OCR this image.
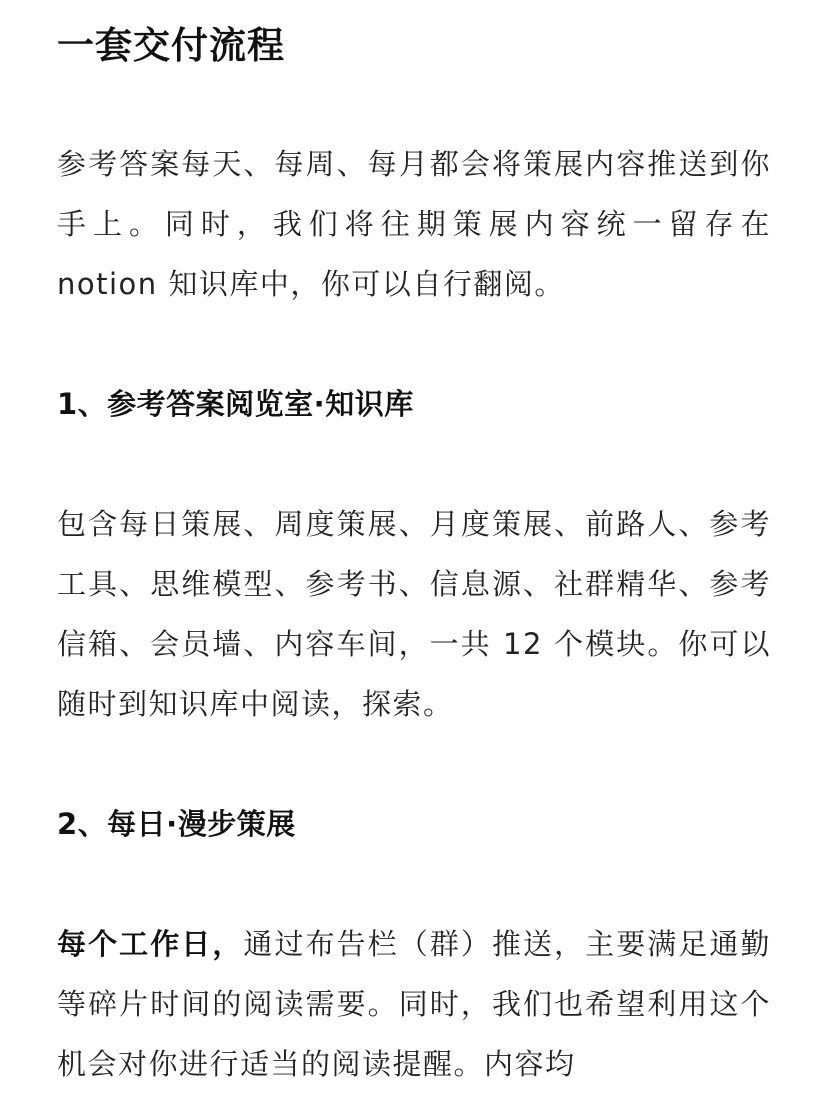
一套交付流程

参考答案每天、每周、每月都会将策展内容推送到你手上。同时，我们将往期策展内容统一留存在 notion 知识库中，你可以自行翻阅。

1、参考答案阅览室·知识库

包含每日策展、周度策展、月度策展、前路人、参考工具、思维模型、参考书、信息源、社群精华、参考信箱、会员墙、内容车间，一共 12 个模块。你可以随时到知识库中阅读，探索。

2、每日·漫步策展

每个工作日，通过布告栏（群）推送，主要满足通勤等碎片时间的阅读需要。同时，我们也希望利用这个机会对你进行适当的阅读提醒。内容均
